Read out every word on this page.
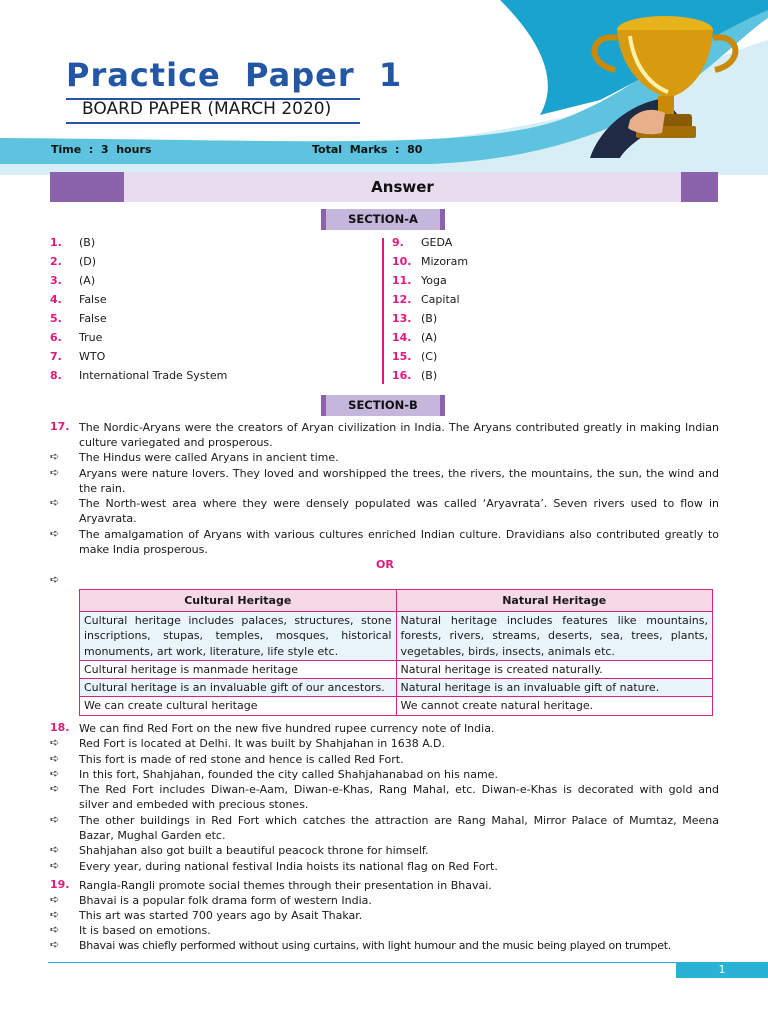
Practice  Paper  1
BOARD PAPER (MARCH 2020)
Time  :  3  hours	Total  Marks  :  80
Answer
SECTION-A
1. (B)
2. (D)
3. (A)
4. False
5. False
6. True
7. WTO
8. International Trade System
9. GEDA
10. Mizoram
11. Yoga
12. Capital
13. (B)
14. (A)
15. (C)
16. (B)
SECTION-B
17. The Nordic-Aryans were the creators of Aryan civilization in India. The Aryans contributed greatly in making Indian culture variegated and prosperous.
➪ The Hindus were called Aryans in ancient time.
➪ Aryans were nature lovers. They loved and worshipped the trees, the rivers, the mountains, the sun, the wind and the rain.
➪ The North-west area where they were densely populated was called ‘Aryavrata’. Seven rivers used to flow in Aryavrata.
➪ The amalgamation of Aryans with various cultures enriched Indian culture. Dravidians also contributed greatly to make India prosperous.
OR
➪
Cultural Heritage	Natural Heritage
Cultural heritage includes palaces, structures, stone inscriptions, stupas, temples, mosques, historical monuments, art work, literature, life style etc.	Natural heritage includes features like mountains, forests, rivers, streams, deserts, sea, trees, plants, vegetables, birds, insects, animals etc.
Cultural heritage is manmade heritage	Natural heritage is created naturally.
Cultural heritage is an invaluable gift of our ancestors.	Natural heritage is an invaluable gift of nature.
We can create cultural heritage	We cannot create natural heritage.
18. We can find Red Fort on the new five hundred rupee currency note of India.
➪ Red Fort is located at Delhi. It was built by Shahjahan in 1638 A.D.
➪ This fort is made of red stone and hence is called Red Fort.
➪ In this fort, Shahjahan, founded the city called Shahjahanabad on his name.
➪ The Red Fort includes Diwan-e-Aam, Diwan-e-Khas, Rang Mahal, etc. Diwan-e-Khas is decorated with gold and silver and embeded with precious stones.
➪ The other buildings in Red Fort which catches the attraction are Rang Mahal, Mirror Palace of Mumtaz, Meena Bazar, Mughal Garden etc.
➪ Shahjahan also got built a beautiful peacock throne for himself.
➪ Every year, during national festival India hoists its national flag on Red Fort.
19. Rangla-Rangli promote social themes through their presentation in Bhavai.
➪ Bhavai is a popular folk drama form of western India.
➪ This art was started 700 years ago by Asait Thakar.
➪ It is based on emotions.
➪ Bhavai was chiefly performed without using curtains, with light humour and the music being played on trumpet.
1
